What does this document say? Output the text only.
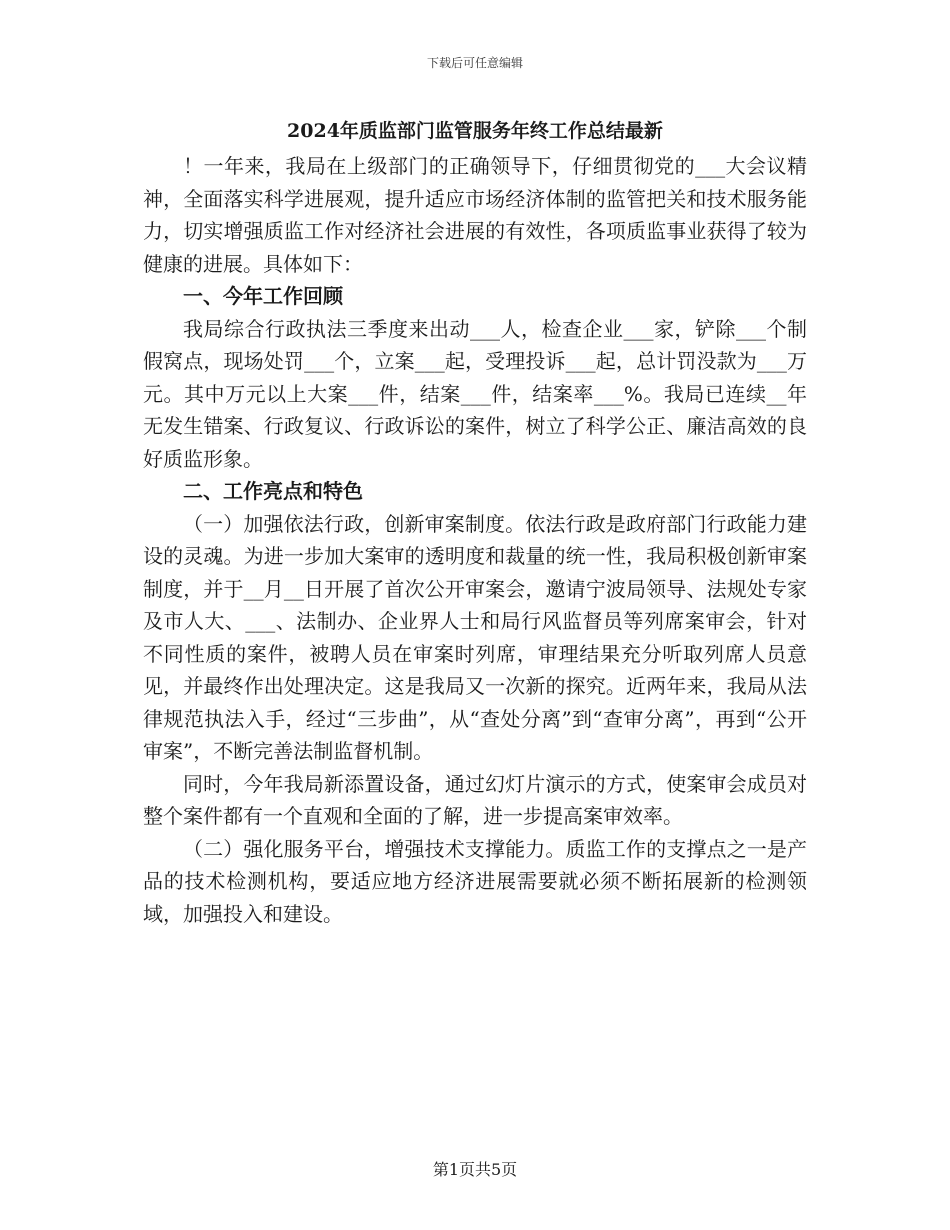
下载后可任意编辑
2024年质监部门监管服务年终工作总结最新

！一年来，我局在上级部门的正确领导下，仔细贯彻党的___大会议精神，全面落实科学进展观，提升适应市场经济体制的监管把关和技术服务能力，切实增强质监工作对经济社会进展的有效性，各项质监事业获得了较为健康的进展。具体如下：

一、今年工作回顾

我局综合行政执法三季度来出动___人，检查企业___家，铲除___个制假窝点，现场处罚___个，立案___起，受理投诉___起，总计罚没款为___万元。其中万元以上大案___件，结案___件，结案率___%。我局已连续__年无发生错案、行政复议、行政诉讼的案件，树立了科学公正、廉洁高效的良好质监形象。

二、工作亮点和特色

（一）加强依法行政，创新审案制度。依法行政是政府部门行政能力建设的灵魂。为进一步加大案审的透明度和裁量的统一性，我局积极创新审案制度，并于__月__日开展了首次公开审案会，邀请宁波局领导、法规处专家及市人大、___、法制办、企业界人士和局行风监督员等列席案审会，针对不同性质的案件，被聘人员在审案时列席，审理结果充分听取列席人员意见，并最终作出处理决定。这是我局又一次新的探究。近两年来，我局从法律规范执法入手，经过“三步曲”，从“查处分离”到“查审分离”，再到“公开审案”，不断完善法制监督机制。

同时，今年我局新添置设备，通过幻灯片演示的方式，使案审会成员对整个案件都有一个直观和全面的了解，进一步提高案审效率。

（二）强化服务平台，增强技术支撑能力。质监工作的支撑点之一是产品的技术检测机构，要适应地方经济进展需要就必须不断拓展新的检测领域，加强投入和建设。

第1页共5页
